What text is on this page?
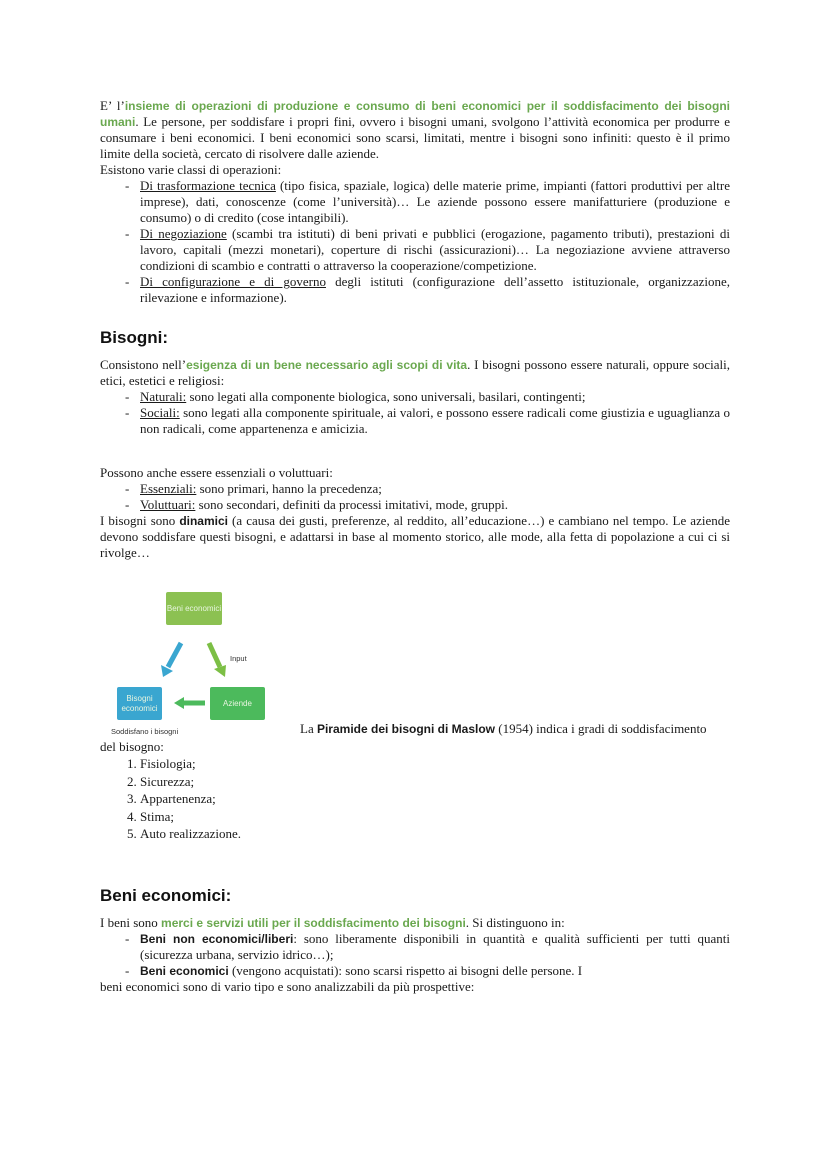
E’ l’insieme di operazioni di produzione e consumo di beni economici per il soddisfacimento dei bisogni umani. Le persone, per soddisfare i propri fini, ovvero i bisogni umani, svolgono l’attività economica per produrre e consumare i beni economici. I beni economici sono scarsi, limitati, mentre i bisogni sono infiniti: questo è il primo limite della società, cercato di risolvere dalle aziende.
Esistono varie classi di operazioni:
- Di trasformazione tecnica (tipo fisica, spaziale, logica) delle materie prime, impianti (fattori produttivi per altre imprese), dati, conoscenze (come l’università)… Le aziende possono essere manifatturiere (produzione e consumo) o di credito (cose intangibili).
- Di negoziazione (scambi tra istituti) di beni privati e pubblici (erogazione, pagamento tributi), prestazioni di lavoro, capitali (mezzi monetari), coperture di rischi (assicurazioni)… La negoziazione avviene attraverso condizioni di scambio e contratti o attraverso la cooperazione/competizione.
- Di configurazione e di governo degli istituti (configurazione dell’assetto istituzionale, organizzazione, rilevazione e informazione).
Bisogni:
Consistono nell’esigenza di un bene necessario agli scopi di vita. I bisogni possono essere naturali, oppure sociali, etici, estetici e religiosi:
- Naturali: sono legati alla componente biologica, sono universali, basilari, contingenti;
- Sociali: sono legati alla componente spirituale, ai valori, e possono essere radicali come giustizia e uguaglianza o non radicali, come appartenenza e amicizia.
Possono anche essere essenziali o voluttuari:
- Essenziali: sono primari, hanno la precedenza;
- Voluttuari: sono secondari, definiti da processi imitativi, mode, gruppi.
I bisogni sono dinamici (a causa dei gusti, preferenze, al reddito, all’educazione…) e cambiano nel tempo. Le aziende devono soddisfare questi bisogni, e adattarsi in base al momento storico, alle mode, alla fetta di popolazione a cui ci si rivolge…
Beni economici
Bisogni economici
Aziende
Input
Soddisfano i bisogni	La Piramide dei bisogni di Maslow (1954) indica i gradi di soddisfacimento
del bisogno:
1. Fisiologia;
2. Sicurezza;
3. Appartenenza;
4. Stima;
5. Auto realizzazione.
Beni economici:
I beni sono merci e servizi utili per il soddisfacimento dei bisogni. Si distinguono in:
- Beni non economici/liberi: sono liberamente disponibili in quantità e qualità sufficienti per tutti quanti (sicurezza urbana, servizio idrico…);
- Beni economici (vengono acquistati): sono scarsi rispetto ai bisogni delle persone. I
beni economici sono di vario tipo e sono analizzabili da più prospettive:
